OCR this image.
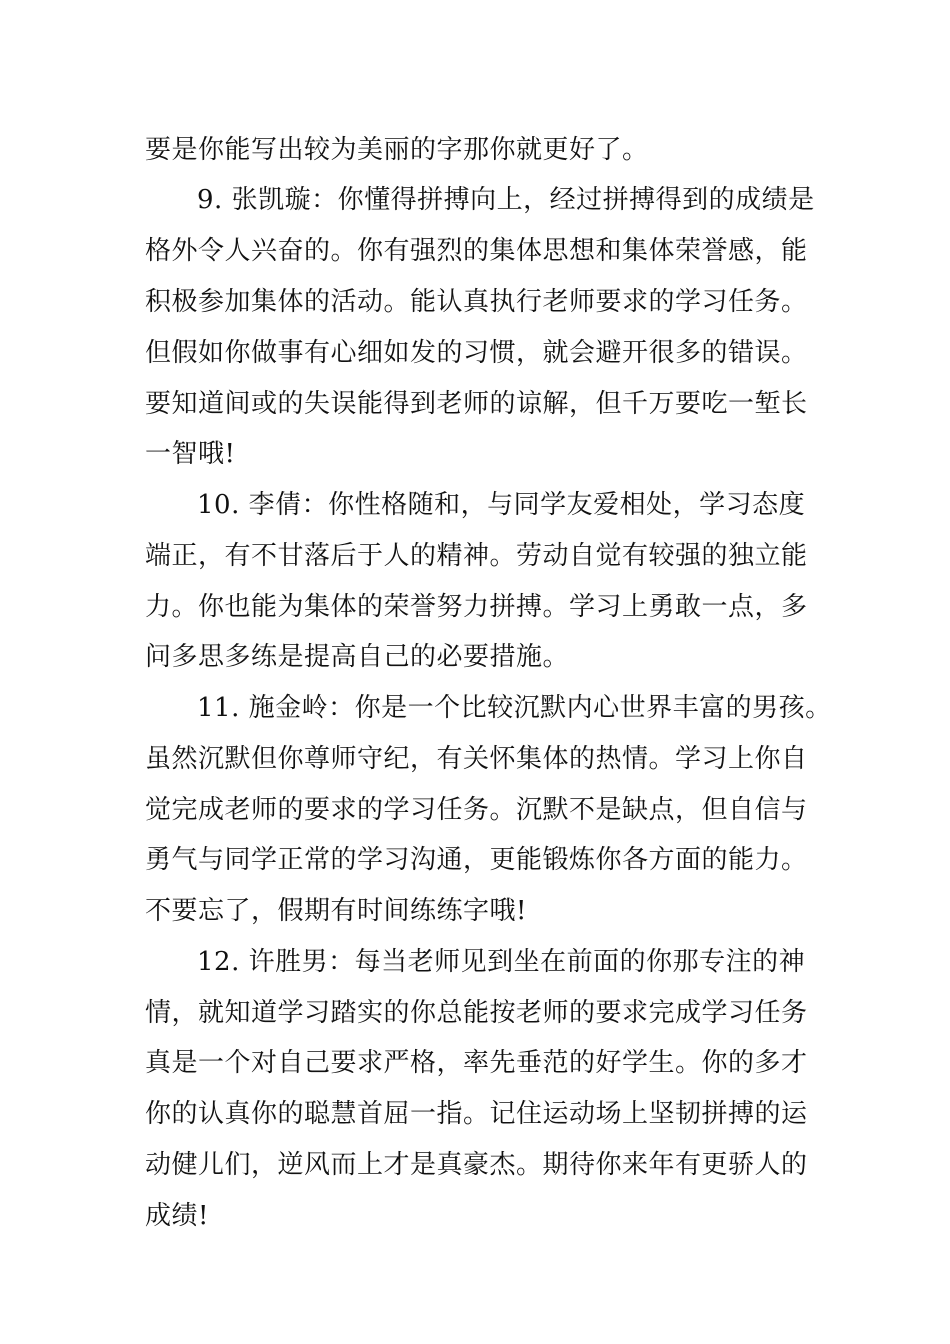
要是你能写出较为美丽的字那你就更好了。
9. 张凯璇：你懂得拼搏向上，经过拼搏得到的成绩是
格外令人兴奋的。你有强烈的集体思想和集体荣誉感，能
积极参加集体的活动。能认真执行老师要求的学习任务。
但假如你做事有心细如发的习惯，就会避开很多的错误。
要知道间或的失误能得到老师的谅解，但千万要吃一堑长
一智哦!
10. 李倩：你性格随和，与同学友爱相处，学习态度
端正，有不甘落后于人的精神。劳动自觉有较强的独立能
力。你也能为集体的荣誉努力拼搏。学习上勇敢一点，多
问多思多练是提高自己的必要措施。
11. 施金岭：你是一个比较沉默内心世界丰富的男孩。
虽然沉默但你尊师守纪，有关怀集体的热情。学习上你自
觉完成老师的要求的学习任务。沉默不是缺点，但自信与
勇气与同学正常的学习沟通，更能锻炼你各方面的能力。
不要忘了，假期有时间练练字哦!
12. 许胜男：每当老师见到坐在前面的你那专注的神
情，就知道学习踏实的你总能按老师的要求完成学习任务
真是一个对自己要求严格，率先垂范的好学生。你的多才
你的认真你的聪慧首屈一指。记住运动场上坚韧拼搏的运
动健儿们，逆风而上才是真豪杰。期待你来年有更骄人的
成绩!
